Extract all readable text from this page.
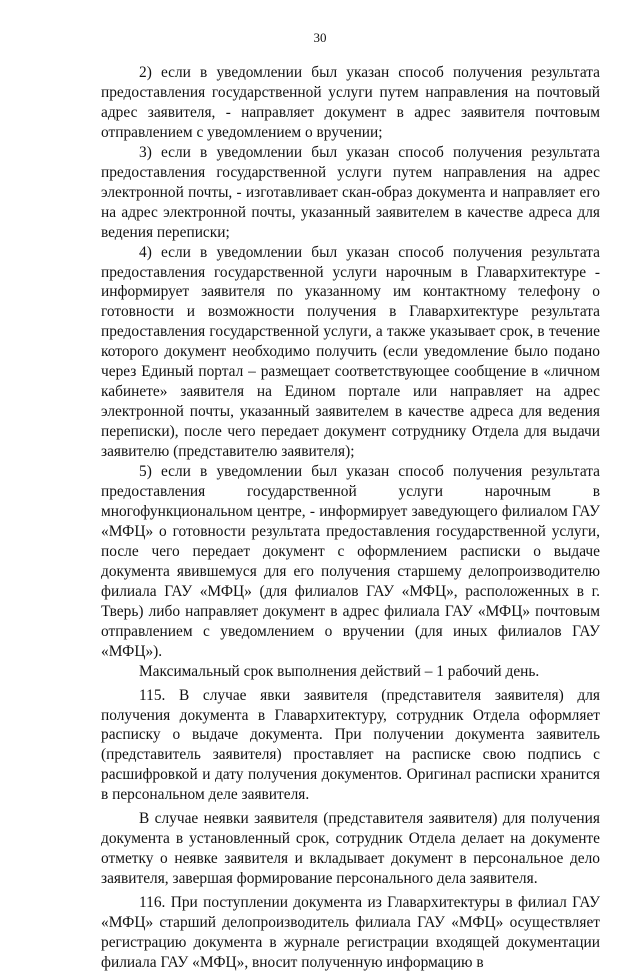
30

2) если в уведомлении был указан способ получения результата предоставления государственной услуги путем направления на почтовый адрес заявителя, - направляет документ в адрес заявителя почтовым отправлением с уведомлением о вручении;

3) если в уведомлении был указан способ получения результата предоставления государственной услуги путем направления на адрес электронной почты, - изготавливает скан-образ документа и направляет его на адрес электронной почты, указанный заявителем в качестве адреса для ведения переписки;

4) если в уведомлении был указан способ получения результата предоставления государственной услуги нарочным в Главархитектуре - информирует заявителя по указанному им контактному телефону о готовности и возможности получения в Главархитектуре результата предоставления государственной услуги, а также указывает срок, в течение которого документ необходимо получить (если уведомление было подано через Единый портал – размещает соответствующее сообщение в «личном кабинете» заявителя на Едином портале или направляет на адрес электронной почты, указанный заявителем в качестве адреса для ведения переписки), после чего передает документ сотруднику Отдела для выдачи заявителю (представителю заявителя);

5) если в уведомлении был указан способ получения результата предоставления государственной услуги нарочным в многофункциональном центре, - информирует заведующего филиалом ГАУ «МФЦ» о готовности результата предоставления государственной услуги, после чего передает документ с оформлением расписки о выдаче документа явившемуся для его получения старшему делопроизводителю филиала ГАУ «МФЦ» (для филиалов ГАУ «МФЦ», расположенных в г. Тверь) либо направляет документ в адрес филиала ГАУ «МФЦ» почтовым отправлением с уведомлением о вручении (для иных филиалов ГАУ «МФЦ»).

Максимальный срок выполнения действий – 1 рабочий день.

115. В случае явки заявителя (представителя заявителя) для получения документа в Главархитектуру, сотрудник Отдела оформляет расписку о выдаче документа. При получении документа заявитель (представитель заявителя) проставляет на расписке свою подпись с расшифровкой и дату получения документов. Оригинал расписки хранится в персональном деле заявителя.

В случае неявки заявителя (представителя заявителя) для получения документа в установленный срок, сотрудник Отдела делает на документе отметку о неявке заявителя и вкладывает документ в персональное дело заявителя, завершая формирование персонального дела заявителя.

116. При поступлении документа из Главархитектуры в филиал ГАУ «МФЦ» старший делопроизводитель филиала ГАУ «МФЦ» осуществляет регистрацию документа в журнале регистрации входящей документации филиала ГАУ «МФЦ», вносит полученную информацию в
